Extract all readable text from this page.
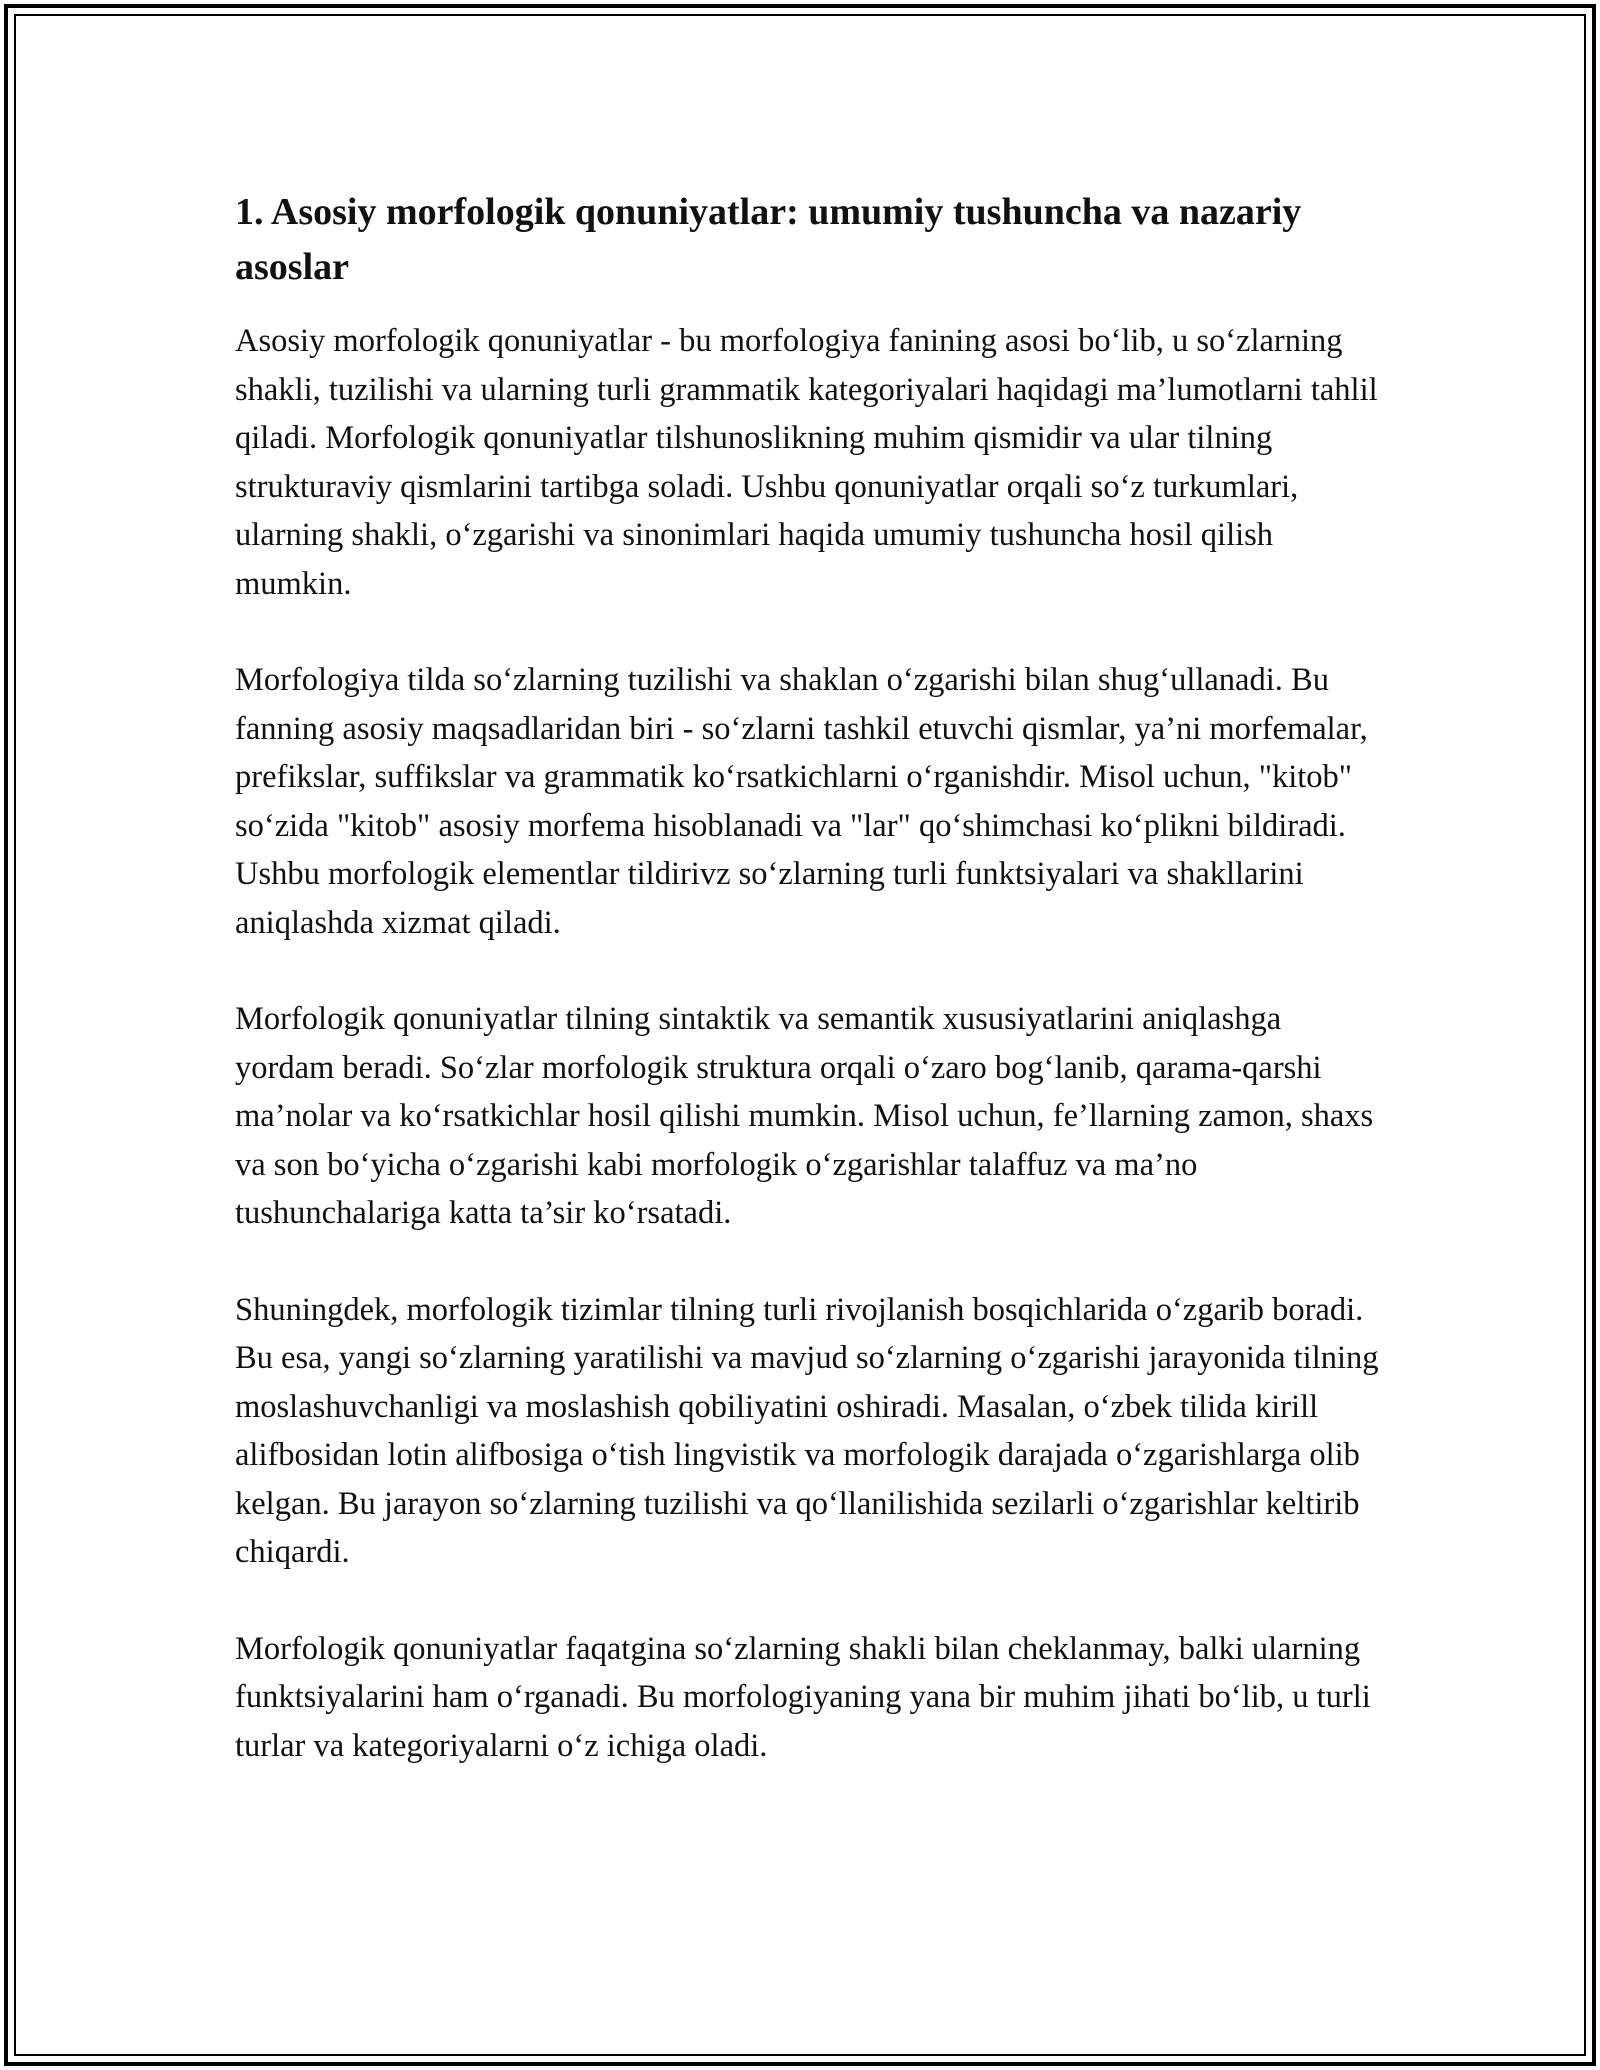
1. Asosiy morfologik qonuniyatlar: umumiy tushuncha va nazariy asoslar

Asosiy morfologik qonuniyatlar - bu morfologiya fanining asosi bo‘lib, u so‘zlarning shakli, tuzilishi va ularning turli grammatik kategoriyalari haqidagi ma’lumotlarni tahlil qiladi. Morfologik qonuniyatlar tilshunoslikning muhim qismidir va ular tilning strukturaviy qismlarini tartibga soladi. Ushbu qonuniyatlar orqali so‘z turkumlari, ularning shakli, o‘zgarishi va sinonimlari haqida umumiy tushuncha hosil qilish mumkin.

Morfologiya tilda so‘zlarning tuzilishi va shaklan o‘zgarishi bilan shug‘ullanadi. Bu fanning asosiy maqsadlaridan biri - so‘zlarni tashkil etuvchi qismlar, ya’ni morfemalar, prefikslar, suffikslar va grammatik ko‘rsatkichlarni o‘rganishdir. Misol uchun, "kitob" so‘zida "kitob" asosiy morfema hisoblanadi va "lar" qo‘shimchasi ko‘plikni bildiradi. Ushbu morfologik elementlar tildirivz so‘zlarning turli funktsiyalari va shakllarini aniqlashda xizmat qiladi.

Morfologik qonuniyatlar tilning sintaktik va semantik xususiyatlarini aniqlashga yordam beradi. So‘zlar morfologik struktura orqali o‘zaro bog‘lanib, qarama-qarshi ma’nolar va ko‘rsatkichlar hosil qilishi mumkin. Misol uchun, fe’llarning zamon, shaxs va son bo‘yicha o‘zgarishi kabi morfologik o‘zgarishlar talaffuz va ma’no tushunchalariga katta ta’sir ko‘rsatadi.

Shuningdek, morfologik tizimlar tilning turli rivojlanish bosqichlarida o‘zgarib boradi. Bu esa, yangi so‘zlarning yaratilishi va mavjud so‘zlarning o‘zgarishi jarayonida tilning moslashuvchanligi va moslashish qobiliyatini oshiradi. Masalan, o‘zbek tilida kirill alifbosidan lotin alifbosiga o‘tish lingvistik va morfologik darajada o‘zgarishlarga olib kelgan. Bu jarayon so‘zlarning tuzilishi va qo‘llanilishida sezilarli o‘zgarishlar keltirib chiqardi.

Morfologik qonuniyatlar faqatgina so‘zlarning shakli bilan cheklanmay, balki ularning funktsiyalarini ham o‘rganadi. Bu morfologiyaning yana bir muhim jihati bo‘lib, u turli turlar va kategoriyalarni o‘z ichiga oladi.
